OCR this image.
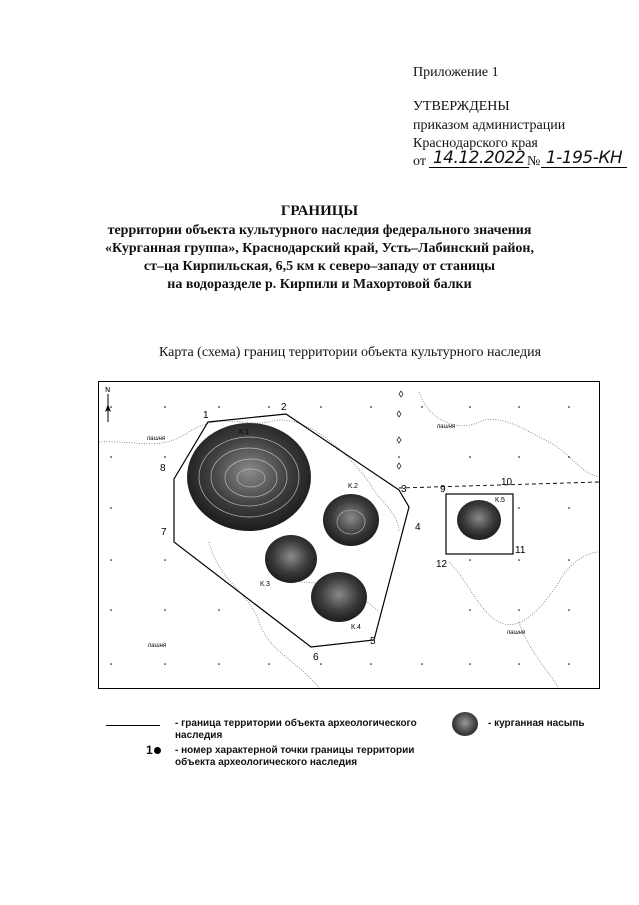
Приложение 1
УТВЕРЖДЕНЫ
приказом администрации
Краснодарского края
от 14.12.2022 № 1-195-КН
ГРАНИЦЫ
территории объекта культурного наследия федерального значения
«Курганная группа», Краснодарский край, Усть–Лабинский район,
ст–ца Кирпильская, 6,5 км к северо–западу от станицы
на водоразделе р. Кирпили и Махортовой балки
Карта (схема) границ территории объекта культурного наследия
N
1
2
3
4
5
6
7
8
9
10
11
12
К.1
К.2
К.3
К.4
К.5
пашня
пашня
пашня
пашня
- граница территории объекта археологического
наследия
- курганная насыпь
1	- номер характерной точки границы территории
объекта археологического наследия
